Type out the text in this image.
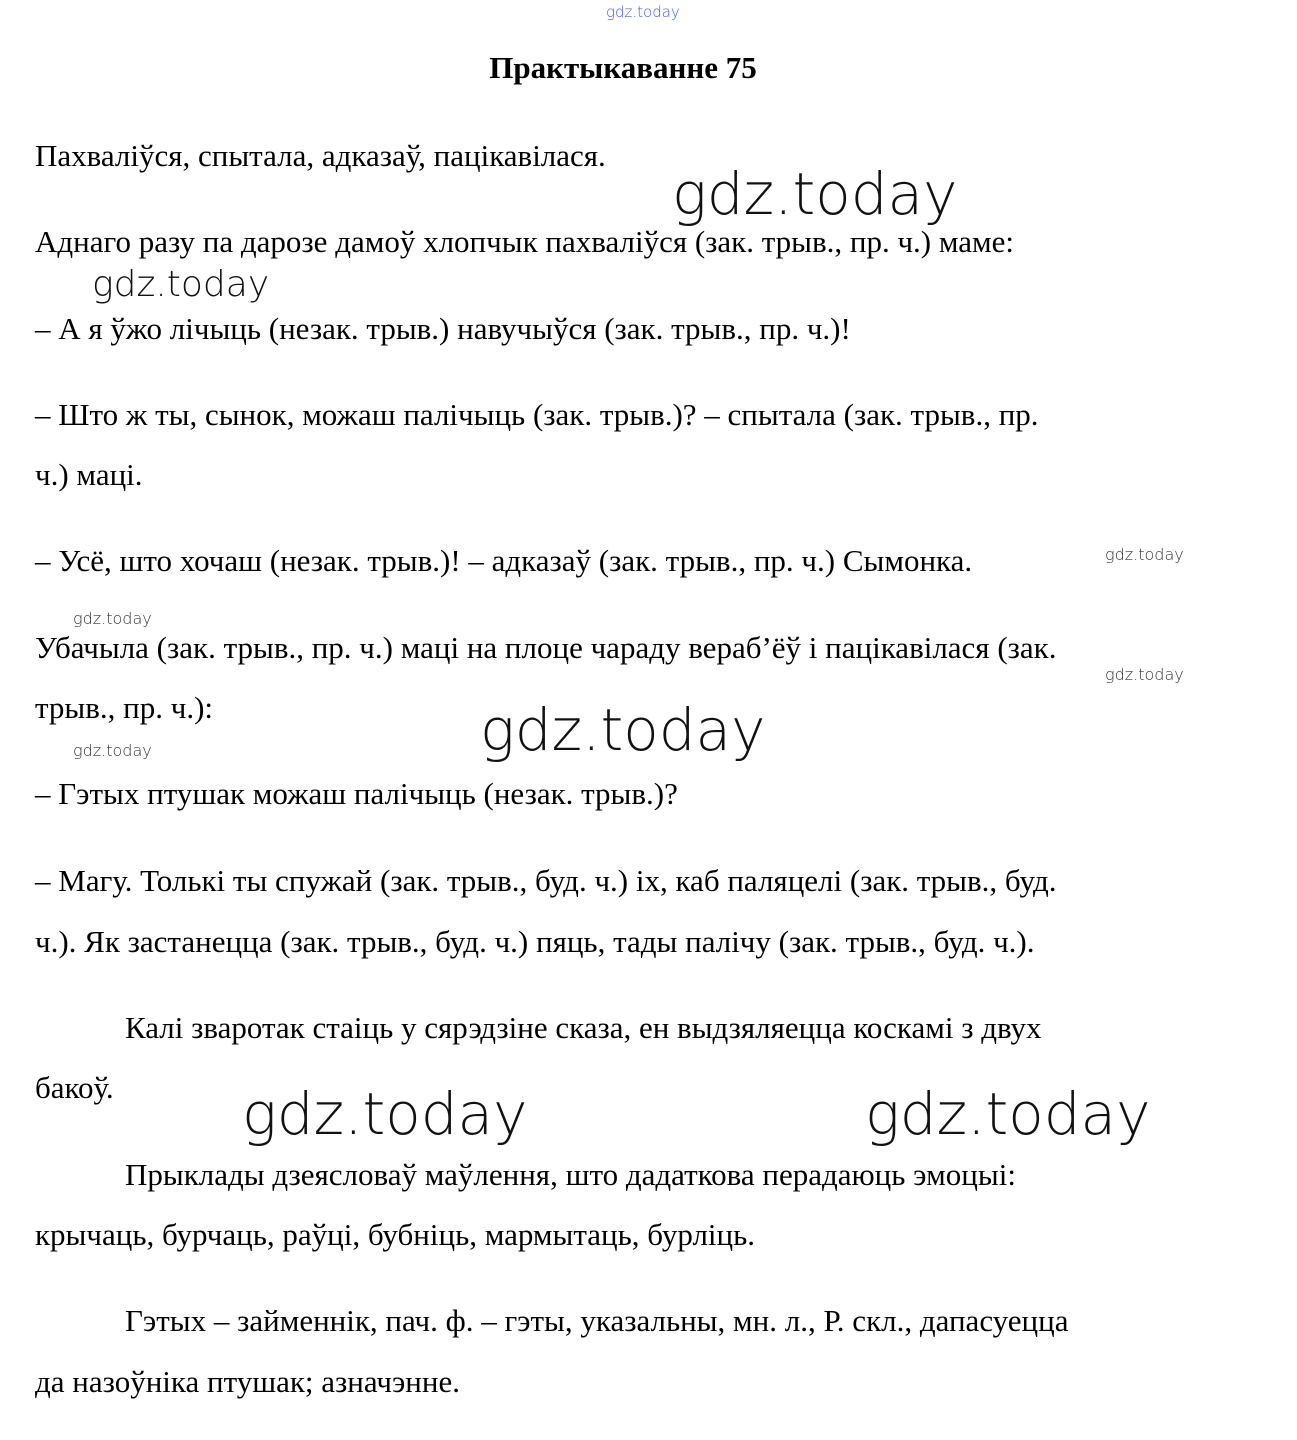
gdz.today
Практыкаванне 75

Пахваліўся, спытала, адказаў, пацікавілася.

Аднаго разу па дарозе дамоў хлопчык пахваліўся (зак. трыв., пр. ч.) маме:

– А я ўжо лічыць (незак. трыв.) навучыўся (зак. трыв., пр. ч.)!

– Што ж ты, сынок, можаш палічыць (зак. трыв.)? – спытала (зак. трыв., пр.

ч.) маці.

– Усё, што хочаш (незак. трыв.)! – адказаў (зак. трыв., пр. ч.) Сымонка.

Убачыла (зак. трыв., пр. ч.) маці на плоце чараду вераб’ёў і пацікавілася (зак.

трыв., пр. ч.):

– Гэтых птушак можаш палічыць (незак. трыв.)?

– Магу. Толькі ты спужай (зак. трыв., буд. ч.) іх, каб паляцелі (зак. трыв., буд.

ч.). Як застанецца (зак. трыв., буд. ч.) пяць, тады палічу (зак. трыв., буд. ч.).

Калі зваротак стаіць у сярэдзіне сказа, ен выдзяляецца коскамі з двух

бакоў.

Прыклады дзеясловаў маўлення, што дадаткова перадаюць эмоцыі:

крычаць, бурчаць, раўці, бубніць, мармытаць, бурліць.

Гэтых – займеннік, пач. ф. – гэты, указальны, мн. л., Р. скл., дапасуецца

да назоўніка птушак; азначэнне.

gdz.today
gdz.today
gdz.today
gdz.today
gdz.today
gdz.today
gdz.today
gdz.today	gdz.today
